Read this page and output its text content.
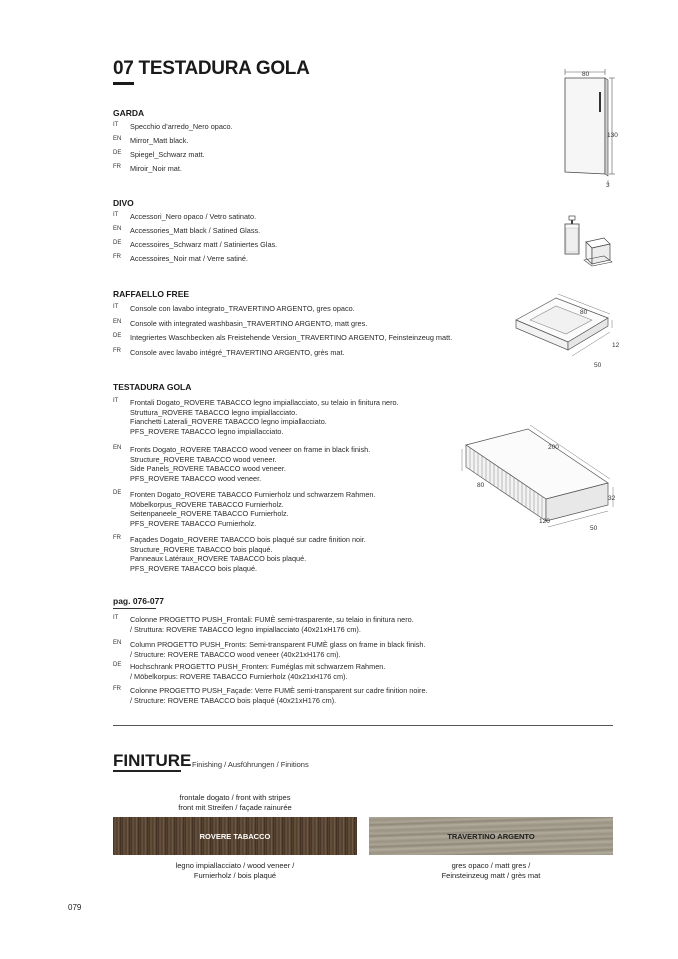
07 TESTADURA GOLA
GARDA
IT Specchio d’arredo_Nero opaco.
EN Mirror_Matt black.
DE Spiegel_Schwarz matt.
FR Miroir_Noir mat.
80
130
3
DIVO
IT Accessori_Nero opaco / Vetro satinato.
EN Accessories_Matt black / Satined Glass.
DE Accessoires_Schwarz matt / Satiniertes Glas.
FR Accessoires_Noir mat / Verre satiné.
RAFFAELLO FREE
IT Console con lavabo integrato_TRAVERTINO ARGENTO, gres opaco.
EN Console with integrated washbasin_TRAVERTINO ARGENTO, matt gres.
DE Integriertes Waschbecken als Freistehende Version_TRAVERTINO ARGENTO, Feinsteinzeug matt.
FR Console avec lavabo intégré_TRAVERTINO ARGENTO, grès mat.
80
12
50
TESTADURA GOLA
IT Frontali Dogato_ROVERE TABACCO legno impiallacciato, su telaio in finitura nero.
Struttura_ROVERE TABACCO legno impiallacciato.
Fianchetti Laterali_ROVERE TABACCO legno impiallacciato.
PFS_ROVERE TABACCO legno impiallacciato.
EN Fronts Dogato_ROVERE TABACCO wood veneer on frame in black finish.
Structure_ROVERE TABACCO wood veneer.
Side Panels_ROVERE TABACCO wood veneer.
PFS_ROVERE TABACCO wood veneer.
DE Fronten Dogato_ROVERE TABACCO Furnierholz und schwarzem Rahmen.
Möbelkorpus_ROVERE TABACCO Furnierholz.
Seitenpaneele_ROVERE TABACCO Furnierholz.
PFS_ROVERE TABACCO Furnierholz.
FR Façades Dogato_ROVERE TABACCO bois plaqué sur cadre finition noir.
Structure_ROVERE TABACCO bois plaqué.
Panneaux Latéraux_ROVERE TABACCO bois plaqué.
PFS_ROVERE TABACCO bois plaqué.
200
80
32
120
50
pag. 076-077
IT Colonne PROGETTO PUSH_Frontali: FUMÈ semi-trasparente, su telaio in finitura nero.
/ Struttura: ROVERE TABACCO legno impiallacciato (40x21xH176 cm).
EN Column PROGETTO PUSH_Fronts: Semi-transparent FUMÈ glass on frame in black finish.
/ Structure: ROVERE TABACCO wood veneer (40x21xH176 cm).
DE Hochschrank PROGETTO PUSH_Fronten: Fuméglas mit schwarzem Rahmen.
/ Möbelkorpus: ROVERE TABACCO Furnierholz (40x21xH176 cm).
FR Colonne PROGETTO PUSH_Façade: Verre FUMÈ semi-transparent sur cadre finition noire.
/ Structure: ROVERE TABACCO bois plaqué (40x21xH176 cm).
FINITURE Finishing / Ausführungen / Finitions
frontale dogato / front with stripes
front mit Streifen / façade rainurée
ROVERE TABACCO	TRAVERTINO ARGENTO
legno impiallacciato / wood veneer /
Furnierholz / bois plaqué
gres opaco / matt gres /
Feinsteinzeug matt / grès mat
079
